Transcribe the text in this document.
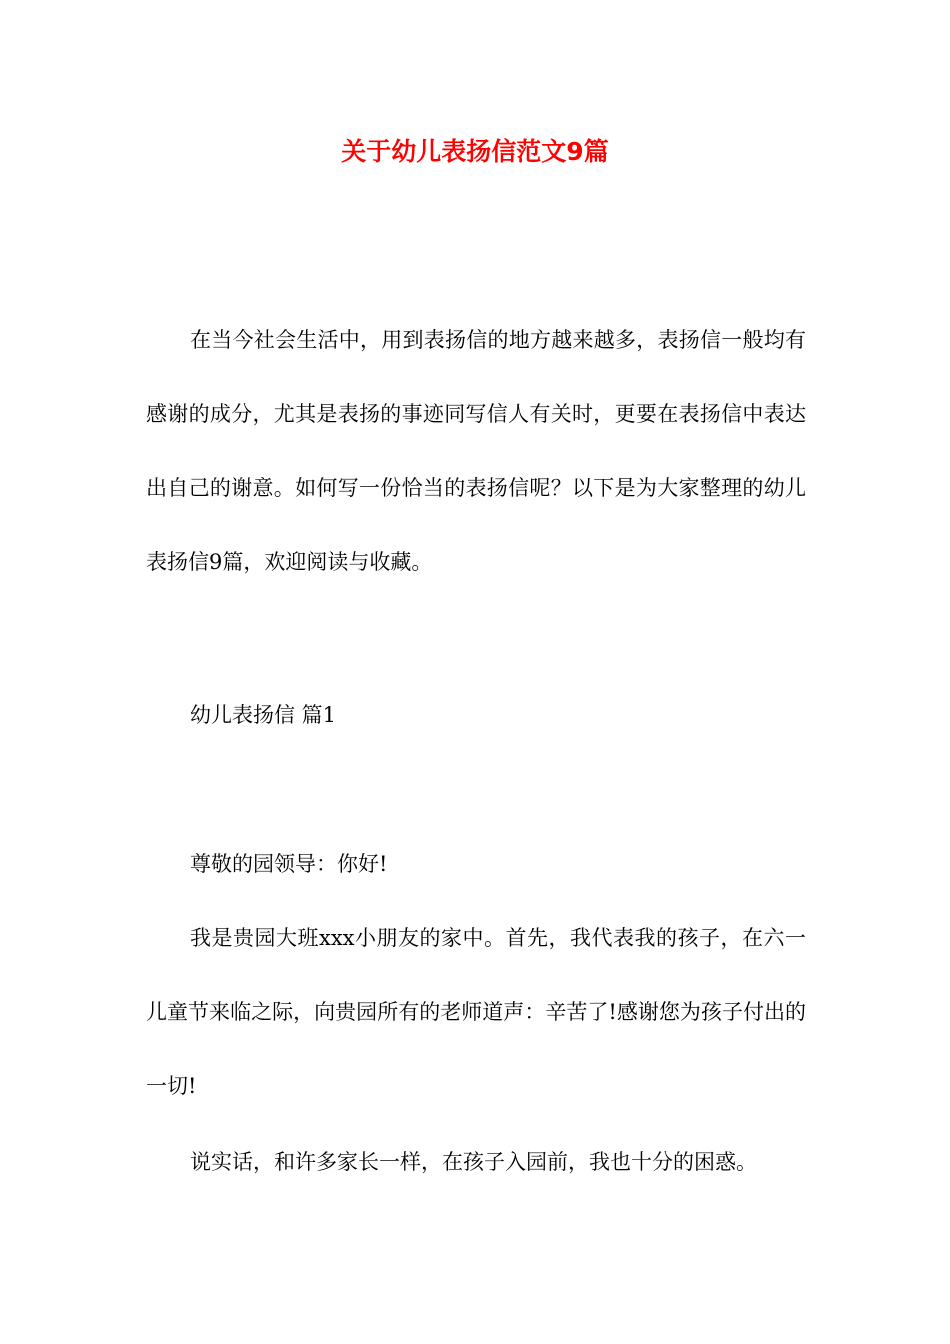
关于幼儿表扬信范文9篇

在当今社会生活中，用到表扬信的地方越来越多，表扬信一般均有感谢的成分，尤其是表扬的事迹同写信人有关时，更要在表扬信中表达出自己的谢意。如何写一份恰当的表扬信呢？以下是为大家整理的幼儿表扬信9篇，欢迎阅读与收藏。

幼儿表扬信 篇1

尊敬的园领导：你好!

我是贵园大班xxx小朋友的家中。首先，我代表我的孩子，在六一儿童节来临之际，向贵园所有的老师道声：辛苦了!感谢您为孩子付出的一切!

说实话，和许多家长一样，在孩子入园前，我也十分的困惑。
